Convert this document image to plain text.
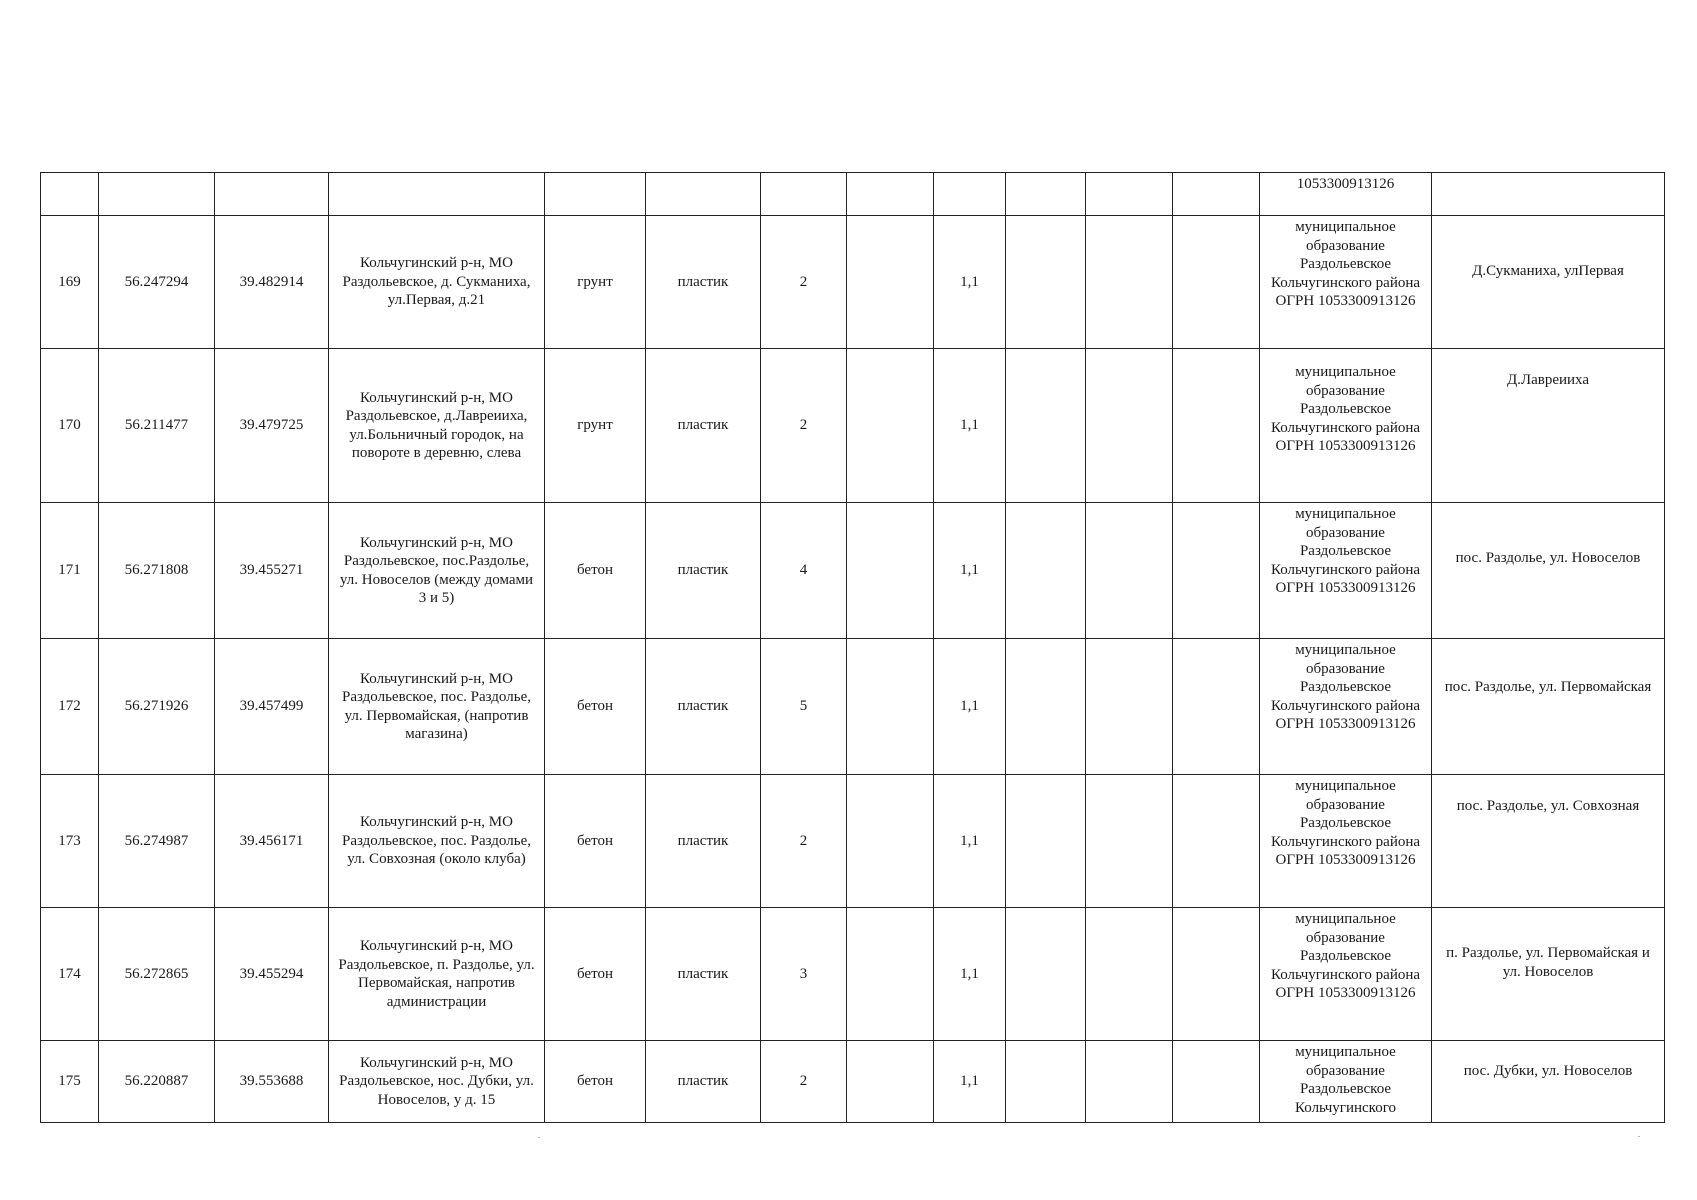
												1053300913126	
169	56.247294	39.482914	Кольчугинский р-н, МО Раздольевское, д. Сукманиха, ул.Первая, д.21	грунт	пластик	2		1,1				муниципальное образование Раздольевское Кольчугинского района ОГРН 1053300913126	Д.Сукманиха, улПервая

170	56.211477	39.479725	Кольчугинский р-н, МО Раздольевское, д.Лавреииха, ул.Больничный городок, на повороте в деревню, слева	грунт	пластик	2		1,1				муниципальное образование Раздольевское Кольчугинского района ОГРН 1053300913126	Д.Лавреииха

171	56.271808	39.455271	Кольчугинский р-н, МО Раздольевское, пос.Раздолье, ул. Новоселов (между домами 3 и 5)	бетон	пластик	4		1,1				муниципальное образование Раздольевское Кольчугинского района ОГРН 1053300913126	пос. Раздолье, ул. Новоселов

172	56.271926	39.457499	Кольчугинский р-н, МО Раздольевское, пос. Раздолье, ул. Первомайская, (напротив магазина)	бетон	пластик	5		1,1				муниципальное образование Раздольевское Кольчугинского района ОГРН 1053300913126	пос. Раздолье, ул. Первомайская

173	56.274987	39.456171	Кольчугинский р-н, МО Раздольевское, пос. Раздолье, ул. Совхозная (около клуба)	бетон	пластик	2		1,1				муниципальное образование Раздольевское Кольчугинского района ОГРН 1053300913126	пос. Раздолье, ул. Совхозная

174	56.272865	39.455294	Кольчугинский р-н, МО Раздольевское, п. Раздолье, ул. Первомайская, напротив администрации	бетон	пластик	3		1,1				муниципальное образование Раздольевское Кольчугинского района ОГРН 1053300913126	п. Раздолье, ул. Первомайская и ул. Новоселов

175	56.220887	39.553688	Кольчугинский р-н, МО Раздольевское, нос. Дубки, ул. Новоселов, у д. 15	бетон	пластик	2		1,1				муниципальное образование Раздольевское Кольчугинского	пос. Дубки, ул. Новоселов
